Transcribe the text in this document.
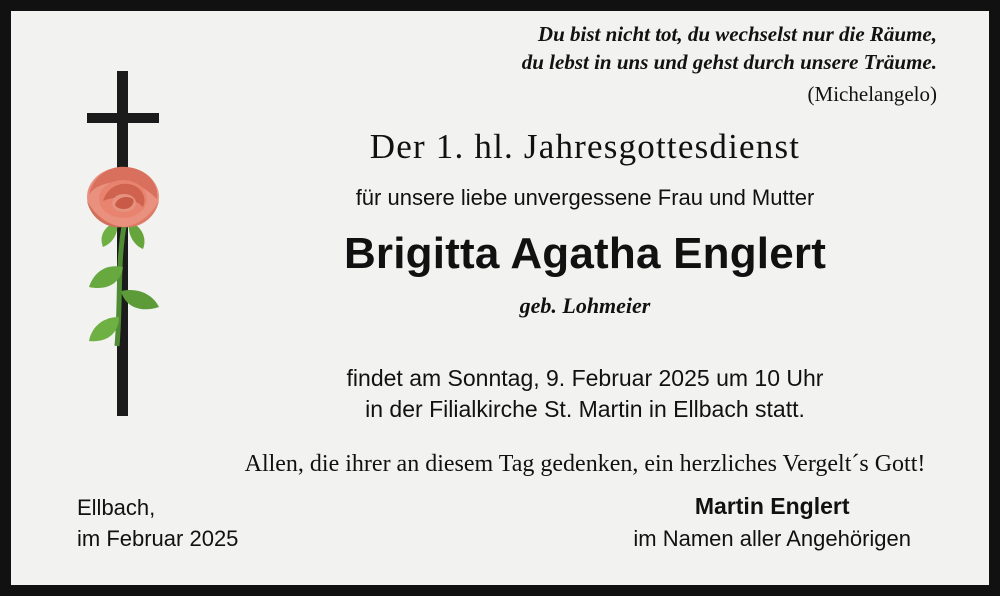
Du bist nicht tot, du wechselst nur die Räume,
du lebst in uns und gehst durch unsere Träume.
(Michelangelo)
Der 1. hl. Jahresgottesdienst
für unsere liebe unvergessene Frau und Mutter
Brigitta Agatha Englert
geb. Lohmeier
findet am Sonntag, 9. Februar 2025 um 10 Uhr
in der Filialkirche St. Martin in Ellbach statt.
Allen, die ihrer an diesem Tag gedenken, ein herzliches Vergelt´s Gott!
Ellbach,
im Februar 2025
Martin Englert
im Namen aller Angehörigen
